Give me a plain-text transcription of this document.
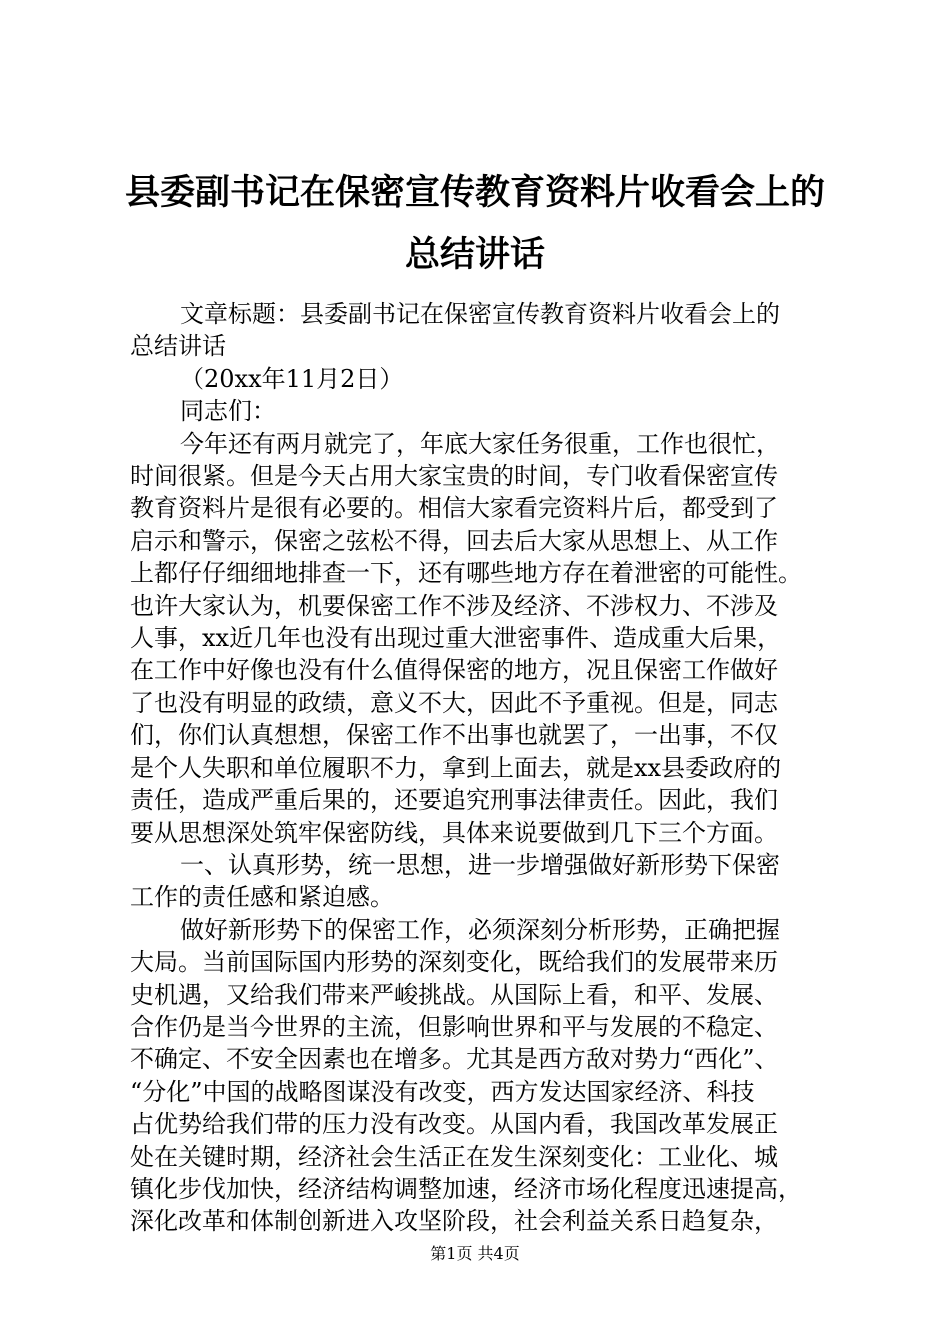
县委副书记在保密宣传教育资料片收看会上的
总结讲话
文章标题：县委副书记在保密宣传教育资料片收看会上的
总结讲话
（20xx年11月2日）
同志们：
今年还有两月就完了，年底大家任务很重，工作也很忙，
时间很紧。但是今天占用大家宝贵的时间，专门收看保密宣传
教育资料片是很有必要的。相信大家看完资料片后，都受到了
启示和警示，保密之弦松不得，回去后大家从思想上、从工作
上都仔仔细细地排查一下，还有哪些地方存在着泄密的可能性。
也许大家认为，机要保密工作不涉及经济、不涉权力、不涉及
人事，xx近几年也没有出现过重大泄密事件、造成重大后果，
在工作中好像也没有什么值得保密的地方，况且保密工作做好
了也没有明显的政绩，意义不大，因此不予重视。但是，同志
们，你们认真想想，保密工作不出事也就罢了，一出事，不仅
是个人失职和单位履职不力，拿到上面去，就是xx县委政府的
责任，造成严重后果的，还要追究刑事法律责任。因此，我们
要从思想深处筑牢保密防线，具体来说要做到几下三个方面。
一、认真形势，统一思想，进一步增强做好新形势下保密
工作的责任感和紧迫感。
做好新形势下的保密工作，必须深刻分析形势，正确把握
大局。当前国际国内形势的深刻变化，既给我们的发展带来历
史机遇，又给我们带来严峻挑战。从国际上看，和平、发展、
合作仍是当今世界的主流，但影响世界和平与发展的不稳定、
不确定、不安全因素也在增多。尤其是西方敌对势力“西化”、
“分化”中国的战略图谋没有改变，西方发达国家经济、科技
占优势给我们带的压力没有改变。从国内看，我国改革发展正
处在关键时期，经济社会生活正在发生深刻变化：工业化、城
镇化步伐加快，经济结构调整加速，经济市场化程度迅速提高，
深化改革和体制创新进入攻坚阶段，社会利益关系日趋复杂，
第1页 共4页
